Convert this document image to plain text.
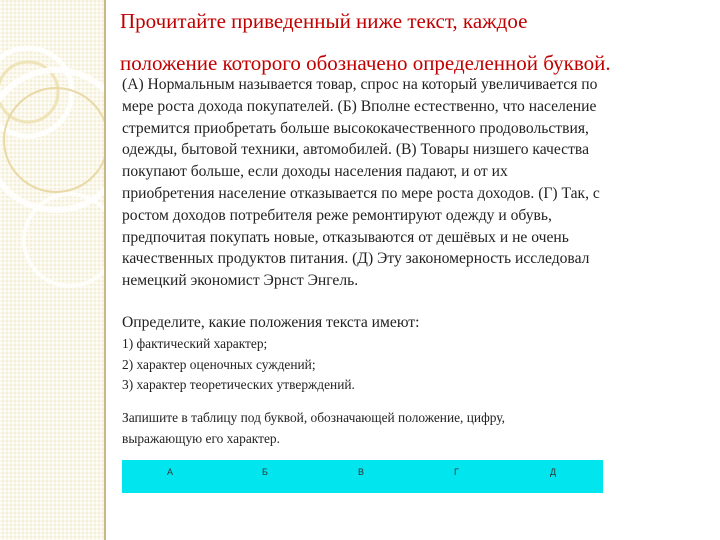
Прочитайте приведенный ниже текст, каждое
положение которого обозначено определенной буквой.

(А) Нормальным называется товар, спрос на который увеличивается по

мере роста дохода покупателей. (Б) Вполне естественно, что население

стремится приобретать больше высококачественного продовольствия,

одежды, бытовой техники, автомобилей. (В) Товары низшего качества

покупают больше, если доходы населения падают, и от их

приобретения население отказывается по мере роста доходов. (Г) Так, с

ростом доходов потребителя реже ремонтируют одежду и обувь,

предпочитая покупать новые, отказываются от дешёвых и не очень

качественных продуктов питания. (Д) Эту закономерность исследовал

немецкий экономист Эрнст Энгель.

Определите, какие положения текста имеют:

1) фактический характер;

2) характер оценочных суждений;

3) характер теоретических утверждений.

Запишите в таблицу под буквой, обозначающей положение, цифру,

выражающую его характер.

А	Б	В	Г	Д
